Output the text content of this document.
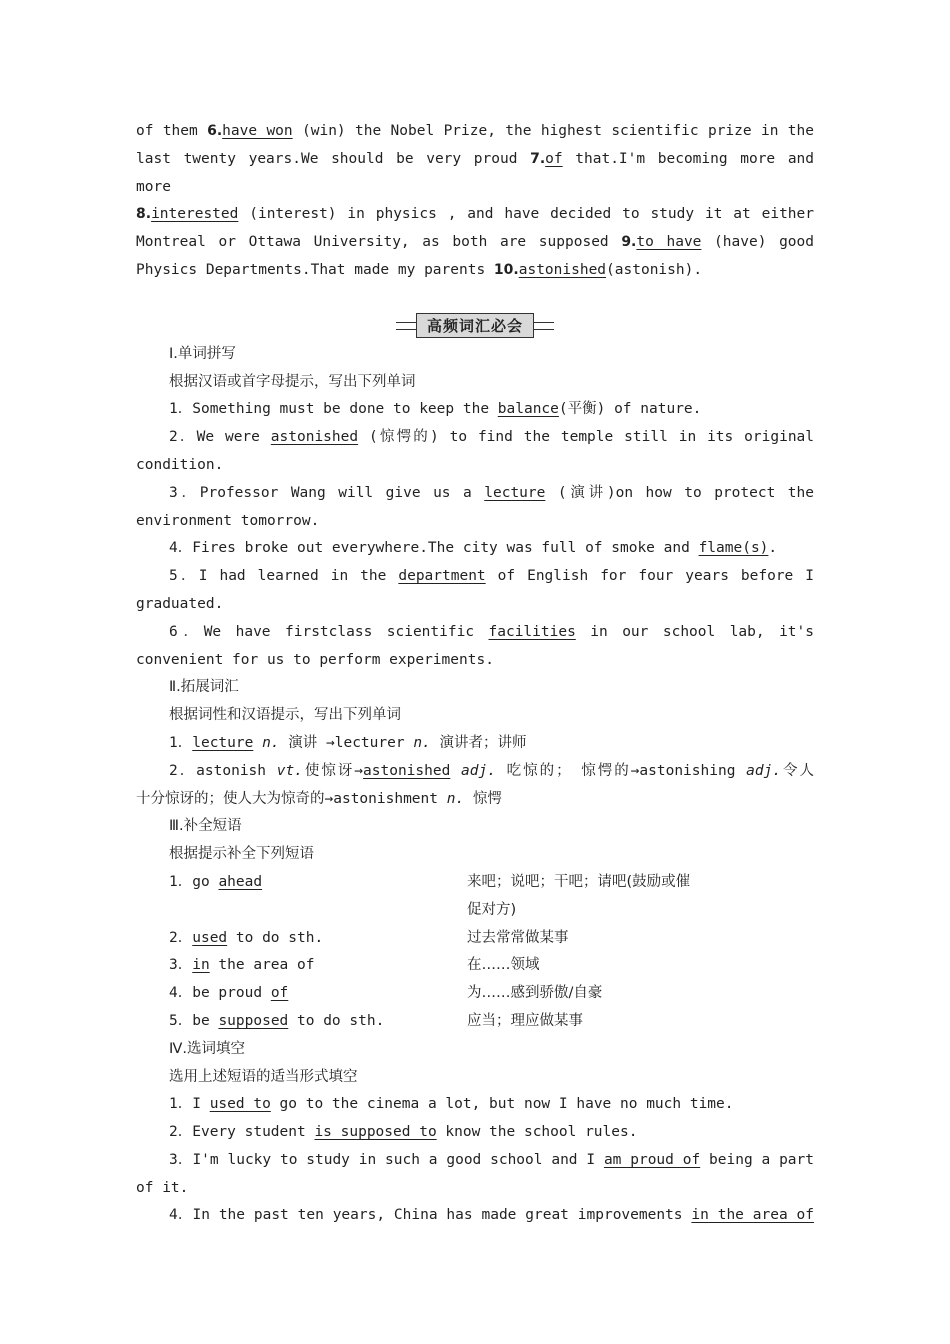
of them 6.have won (win) the Nobel Prize, the highest scientific prize in the

last twenty years.We should be very proud 7.of that.I'm becoming more and more

8.interested (interest) in physics , and have decided to study it at either

Montreal or Ottawa University, as both are supposed 9.to have (have) good

Physics Departments.That made my parents 10.astonished(astonish).

高频词汇必会

Ⅰ.单词拼写

根据汉语或首字母提示，写出下列单词

1．Something must be done to keep the balance(平衡) of nature.

2．We were astonished (惊愕的) to find the temple still in its original

condition.

3．Professor Wang will give us a lecture (演讲)on how to protect the

environment tomorrow.

4．Fires broke out everywhere.The city was full of smoke and flame(s).

5．I had learned in the department of English for four years before I

graduated.

6．We have firstclass scientific facilities in our school lab, it's

convenient for us to perform experiments.

Ⅱ.拓展词汇

根据词性和汉语提示，写出下列单词

1．lecture n. 演讲 →lecturer n. 演讲者；讲师

2．astonish vt.使惊讶→astonished adj. 吃惊的； 惊愕的→astonishing adj.令人

十分惊讶的；使人大为惊奇的→astonishment n. 惊愕

Ⅲ.补全短语

根据提示补全下列短语

1．go ahead	来吧；说吧；干吧；请吧(鼓励或催

促对方)

2．used to do sth.	过去常常做某事

3．in the area of	在……领域

4．be proud of	为……感到骄傲/自豪

5．be supposed to do sth.	应当；理应做某事

Ⅳ.选词填空

选用上述短语的适当形式填空

1．I used to go to the cinema a lot, but now I have no much time.

2．Every student is supposed to know the school rules.

3．I'm lucky to study in such a good school and I am proud of being a part

of it.

4．In the past ten years, China has made great improvements in the area of
